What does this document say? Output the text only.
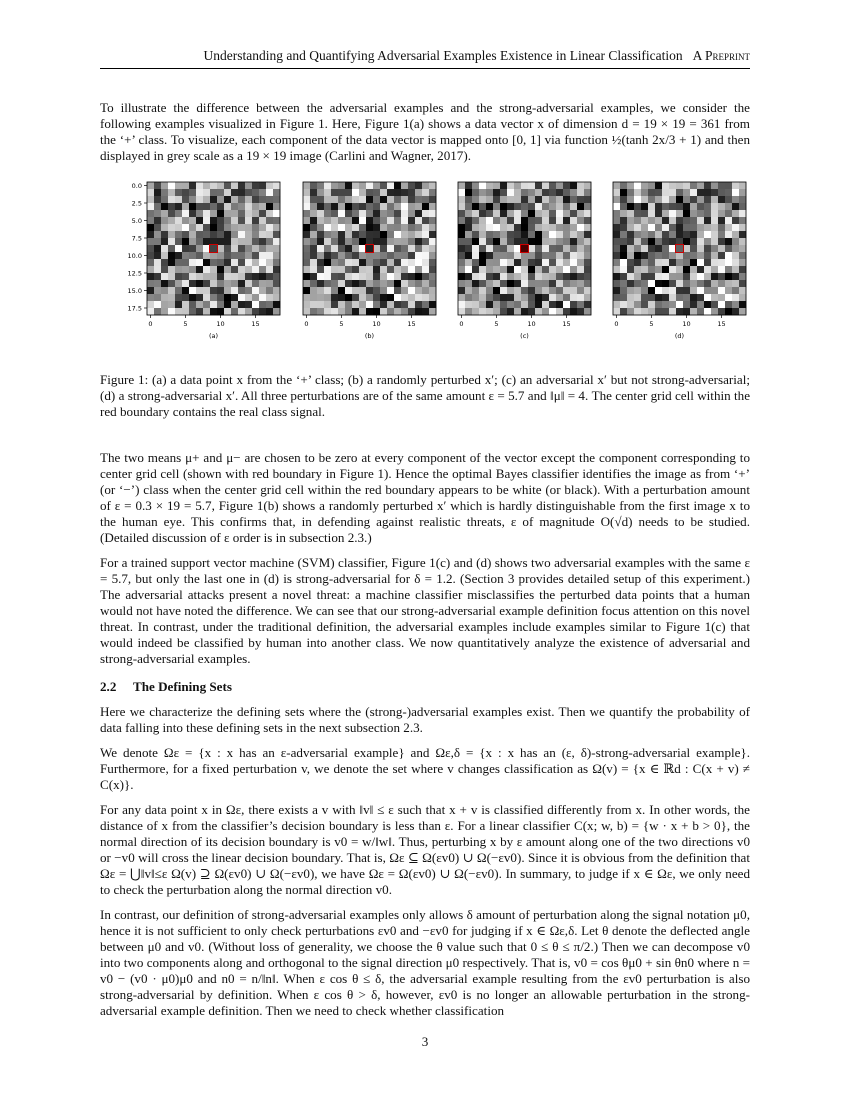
Understanding and Quantifying Adversarial Examples Existence in Linear Classification A Preprint

To illustrate the difference between the adversarial examples and the strong-adversarial examples, we consider the following examples visualized in Figure 1. Here, Figure 1(a) shows a data vector x of dimension d = 19 × 19 = 361 from the ‘+’ class. To visualize, each component of the data vector is mapped onto [0, 1] via function ½(tanh 2x/3 + 1) and then displayed in grey scale as a 19 × 19 image (Carlini and Wagner, 2017).

0	5	10	15
0.0
2.5
5.0
7.5
10.0
12.5
15.0
17.5
(a)
0	5	10	15
(b)
0	5	10	15
(c)
0	5	10	15
(d)

Figure 1: (a) a data point x from the ‘+’ class; (b) a randomly perturbed x′; (c) an adversarial x′ but not strong-adversarial; (d) a strong-adversarial x′. All three perturbations are of the same amount ε = 5.7 and ‖μ‖ = 4. The center grid cell within the red boundary contains the real class signal.

The two means μ+ and μ− are chosen to be zero at every component of the vector except the component corresponding to center grid cell (shown with red boundary in Figure 1). Hence the optimal Bayes classifier identifies the image as from ‘+’ (or ‘−’) class when the center grid cell within the red boundary appears to be white (or black). With a perturbation amount of ε = 0.3 × 19 = 5.7, Figure 1(b) shows a randomly perturbed x′ which is hardly distinguishable from the first image x to the human eye. This confirms that, in defending against realistic threats, ε of magnitude O(√d) needs to be studied. (Detailed discussion of ε order is in subsection 2.3.)

For a trained support vector machine (SVM) classifier, Figure 1(c) and (d) shows two adversarial examples with the same ε = 5.7, but only the last one in (d) is strong-adversarial for δ = 1.2. (Section 3 provides detailed setup of this experiment.) The adversarial attacks present a novel threat: a machine classifier misclassifies the perturbed data points that a human would not have noted the difference. We can see that our strong-adversarial example definition focus attention on this novel threat. In contrast, under the traditional definition, the adversarial examples include examples similar to Figure 1(c) that would indeed be classified by human into another class. We now quantitatively analyze the existence of adversarial and strong-adversarial examples.

2.2 The Defining Sets

Here we characterize the defining sets where the (strong-)adversarial examples exist. Then we quantify the probability of data falling into these defining sets in the next subsection 2.3.

We denote Ωε = {x : x has an ε-adversarial example} and Ωε,δ = {x : x has an (ε, δ)-strong-adversarial example}. Furthermore, for a fixed perturbation v, we denote the set where v changes classification as Ω(v) = {x ∈ ℝd : C(x + v) ≠ C(x)}.

For any data point x in Ωε, there exists a v with ‖v‖ ≤ ε such that x + v is classified differently from x. In other words, the distance of x from the classifier’s decision boundary is less than ε. For a linear classifier C(x; w, b) = {w · x + b > 0}, the normal direction of its decision boundary is v0 = w/‖w‖. Thus, perturbing x by ε amount along one of the two directions v0 or −v0 will cross the linear decision boundary. That is, Ωε ⊆ Ω(εv0) ∪ Ω(−εv0). Since it is obvious from the definition that Ωε = ⋃‖v‖≤ε Ω(v) ⊇ Ω(εv0) ∪ Ω(−εv0), we have Ωε = Ω(εv0) ∪ Ω(−εv0). In summary, to judge if x ∈ Ωε, we only need to check the perturbation along the normal direction v0.

In contrast, our definition of strong-adversarial examples only allows δ amount of perturbation along the signal notation μ0, hence it is not sufficient to only check perturbations εv0 and −εv0 for judging if x ∈ Ωε,δ. Let θ denote the deflected angle between μ0 and v0. (Without loss of generality, we choose the θ value such that 0 ≤ θ ≤ π/2.) Then we can decompose v0 into two components along and orthogonal to the signal direction μ0 respectively. That is, v0 = cos θμ0 + sin θn0 where n = v0 − (v0 · μ0)μ0 and n0 = n/‖n‖. When ε cos θ ≤ δ, the adversarial example resulting from the εv0 perturbation is also strong-adversarial by definition. When ε cos θ > δ, however, εv0 is no longer an allowable perturbation in the strong-adversarial example definition. Then we need to check whether classification

3
